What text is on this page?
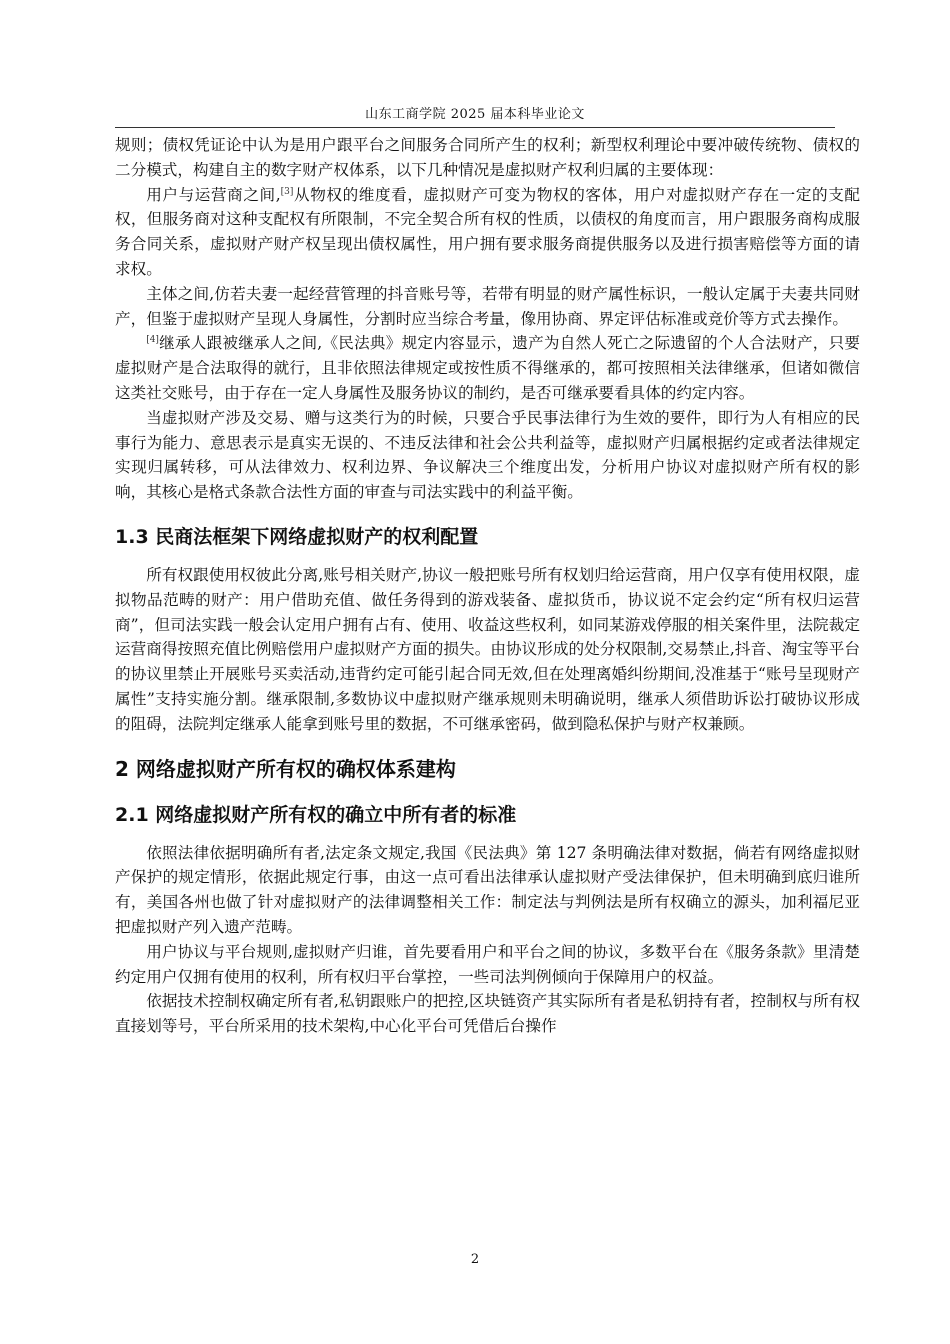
山东工商学院 2025 届本科毕业论文

规则；债权凭证论中认为是用户跟平台之间服务合同所产生的权利；新型权利理论中要冲破传统物、债权的二分模式，构建自主的数字财产权体系，以下几种情况是虚拟财产权利归属的主要体现：

用户与运营商之间,[3]从物权的维度看，虚拟财产可变为物权的客体，用户对虚拟财产存在一定的支配权，但服务商对这种支配权有所限制，不完全契合所有权的性质，以债权的角度而言，用户跟服务商构成服务合同关系，虚拟财产财产权呈现出债权属性，用户拥有要求服务商提供服务以及进行损害赔偿等方面的请求权。

主体之间,仿若夫妻一起经营管理的抖音账号等，若带有明显的财产属性标识，一般认定属于夫妻共同财产，但鉴于虚拟财产呈现人身属性，分割时应当综合考量，像用协商、界定评估标准或竞价等方式去操作。

[4]继承人跟被继承人之间,《民法典》规定内容显示，遗产为自然人死亡之际遗留的个人合法财产，只要虚拟财产是合法取得的就行，且非依照法律规定或按性质不得继承的，都可按照相关法律继承，但诸如微信这类社交账号，由于存在一定人身属性及服务协议的制约，是否可继承要看具体的约定内容。

当虚拟财产涉及交易、赠与这类行为的时候，只要合乎民事法律行为生效的要件，即行为人有相应的民事行为能力、意思表示是真实无误的、不违反法律和社会公共利益等，虚拟财产归属根据约定或者法律规定实现归属转移，可从法律效力、权利边界、争议解决三个维度出发，分析用户协议对虚拟财产所有权的影响，其核心是格式条款合法性方面的审查与司法实践中的利益平衡。

1.3 民商法框架下网络虚拟财产的权利配置

所有权跟使用权彼此分离,账号相关财产,协议一般把账号所有权划归给运营商，用户仅享有使用权限，虚拟物品范畴的财产：用户借助充值、做任务得到的游戏装备、虚拟货币，协议说不定会约定“所有权归运营商”，但司法实践一般会认定用户拥有占有、使用、收益这些权利，如同某游戏停服的相关案件里，法院裁定运营商得按照充值比例赔偿用户虚拟财产方面的损失。由协议形成的处分权限制,交易禁止,抖音、淘宝等平台的协议里禁止开展账号买卖活动,违背约定可能引起合同无效,但在处理离婚纠纷期间,没准基于“账号呈现财产属性”支持实施分割。继承限制,多数协议中虚拟财产继承规则未明确说明，继承人须借助诉讼打破协议形成的阻碍，法院判定继承人能拿到账号里的数据，不可继承密码，做到隐私保护与财产权兼顾。

2 网络虚拟财产所有权的确权体系建构
2.1 网络虚拟财产所有权的确立中所有者的标准

依照法律依据明确所有者,法定条文规定,我国《民法典》第 127 条明确法律对数据，倘若有网络虚拟财产保护的规定情形，依据此规定行事，由这一点可看出法律承认虚拟财产受法律保护，但未明确到底归谁所有，美国各州也做了针对虚拟财产的法律调整相关工作：制定法与判例法是所有权确立的源头，加利福尼亚把虚拟财产列入遗产范畴。

用户协议与平台规则,虚拟财产归谁，首先要看用户和平台之间的协议，多数平台在《服务条款》里清楚约定用户仅拥有使用的权利，所有权归平台掌控，一些司法判例倾向于保障用户的权益。

依据技术控制权确定所有者,私钥跟账户的把控,区块链资产其实际所有者是私钥持有者，控制权与所有权直接划等号，平台所采用的技术架构,中心化平台可凭借后台操作

2
